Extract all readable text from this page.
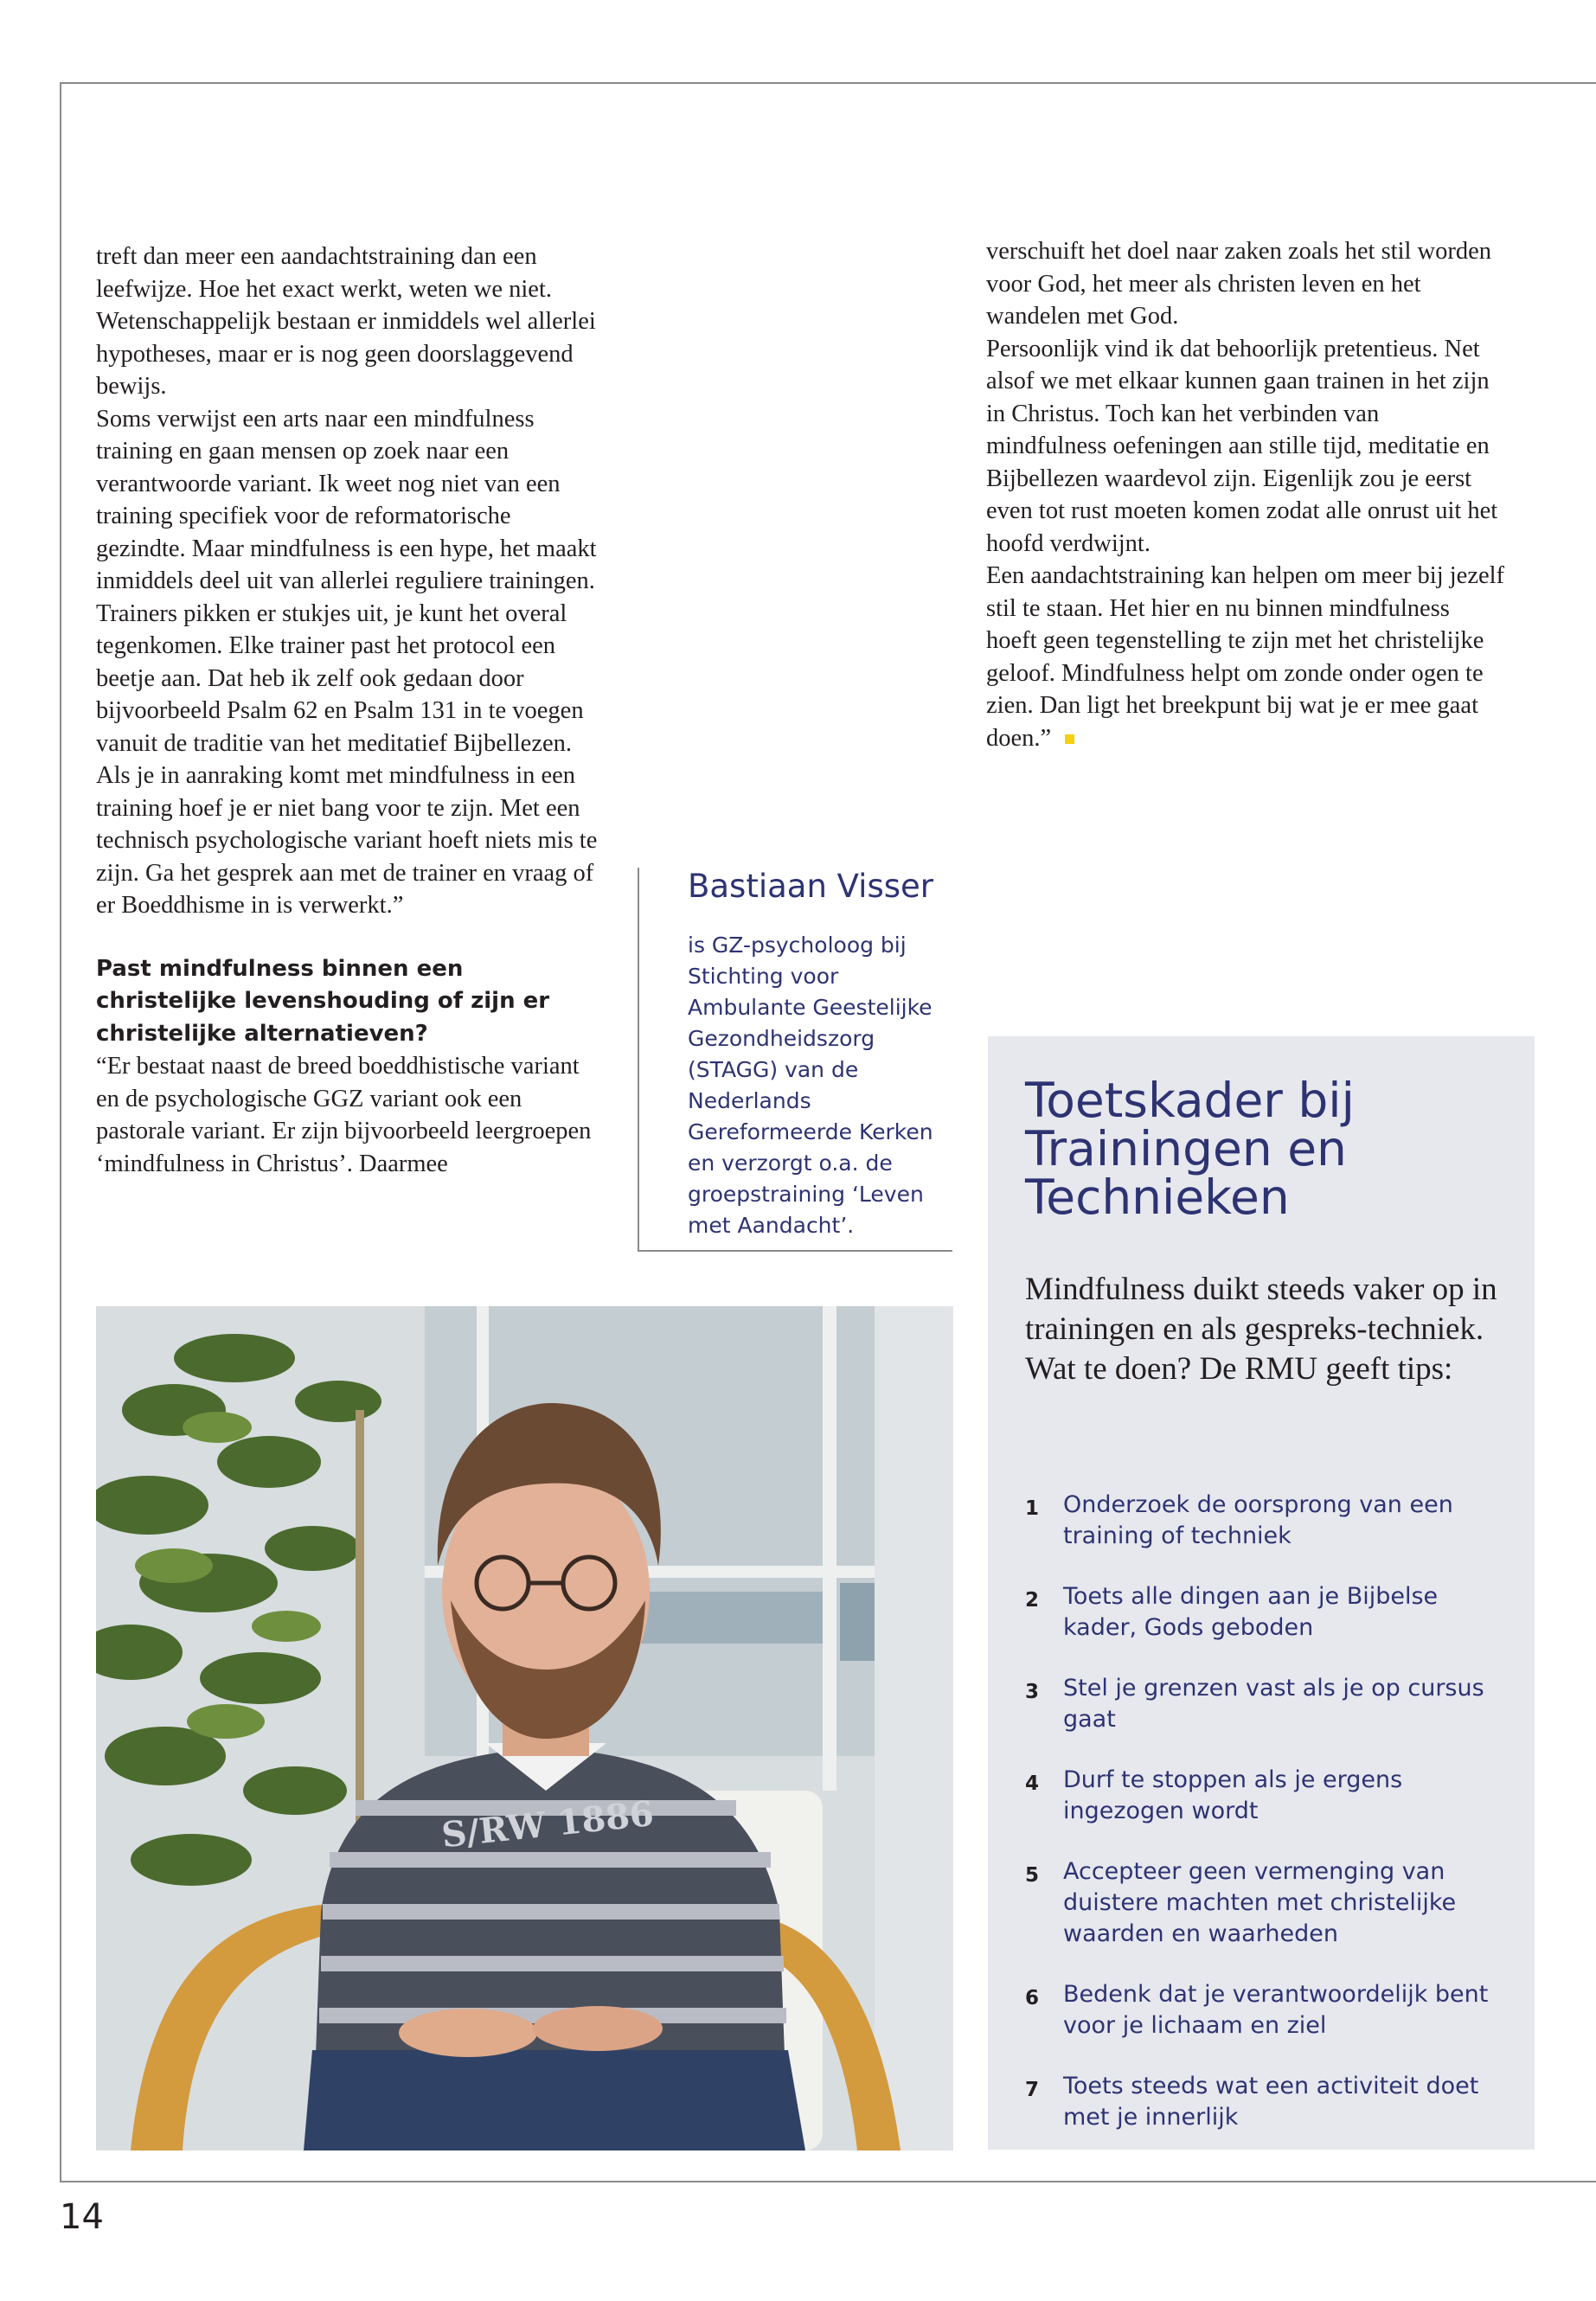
treft dan meer een aandachtstraining dan een leefwijze. Hoe het exact werkt, weten we niet. Wetenschappelijk bestaan er inmiddels wel allerlei hypotheses, maar er is nog geen doorslaggevend bewijs.

Soms verwijst een arts naar een mindfulness training en gaan mensen op zoek naar een verantwoorde variant. Ik weet nog niet van een training specifiek voor de reformatorische gezindte. Maar mindfulness is een hype, het maakt inmiddels deel uit van allerlei reguliere trainingen. Trainers pikken er stukjes uit, je kunt het overal tegenkomen. Elke trainer past het protocol een beetje aan. Dat heb ik zelf ook gedaan door bijvoorbeeld Psalm 62 en Psalm 131 in te voegen vanuit de traditie van het meditatief Bijbellezen.

Als je in aanraking komt met mindfulness in een training hoef je er niet bang voor te zijn. Met een technisch psychologische variant hoeft niets mis te zijn. Ga het gesprek aan met de trainer en vraag of er Boeddhisme in is verwerkt.”

Past mindfulness binnen een christelijke levenshouding of zijn er christelijke alternatieven?

“Er bestaat naast de breed boeddhistische variant en de psychologische GGZ variant ook een pastorale variant. Er zijn bijvoorbeeld leergroepen ‘mindfulness in Christus’. Daarmee

verschuift het doel naar zaken zoals het stil worden voor God, het meer als christen leven en het wandelen met God.

Persoonlijk vind ik dat behoorlijk pretentieus. Net alsof we met elkaar kunnen gaan trainen in het zijn in Christus. Toch kan het verbinden van mindfulness oefeningen aan stille tijd, meditatie en Bijbellezen waardevol zijn. Eigenlijk zou je eerst even tot rust moeten komen zodat alle onrust uit het hoofd verdwijnt.

Een aandachtstraining kan helpen om meer bij jezelf stil te staan. Het hier en nu binnen mindfulness hoeft geen tegenstelling te zijn met het christelijke geloof. Mindfulness helpt om zonde onder ogen te zien. Dan ligt het breekpunt bij wat je er mee gaat doen.”

Bastiaan Visser
is GZ-psycholoog bij Stichting voor Ambulante Geestelijke Gezondheidszorg (STAGG) van de Nederlands Gereformeerde Kerken en verzorgt o.a. de groepstraining ‘Leven met Aandacht’.
S/RW 1886
Toetskader bij
Trainingen en
Technieken
Mindfulness duikt steeds vaker op in trainingen en als gespreks-techniek. Wat te doen? De RMU geeft tips:
1 Onderzoek de oorsprong van een training of techniek
2 Toets alle dingen aan je Bijbelse kader, Gods geboden
3 Stel je grenzen vast als je op cursus gaat
4 Durf te stoppen als je ergens ingezogen wordt
5 Accepteer geen vermenging van duistere machten met christelijke waarden en waarheden
6 Bedenk dat je verantwoordelijk bent voor je lichaam en ziel
7 Toets steeds wat een activiteit doet met je innerlijk
14
